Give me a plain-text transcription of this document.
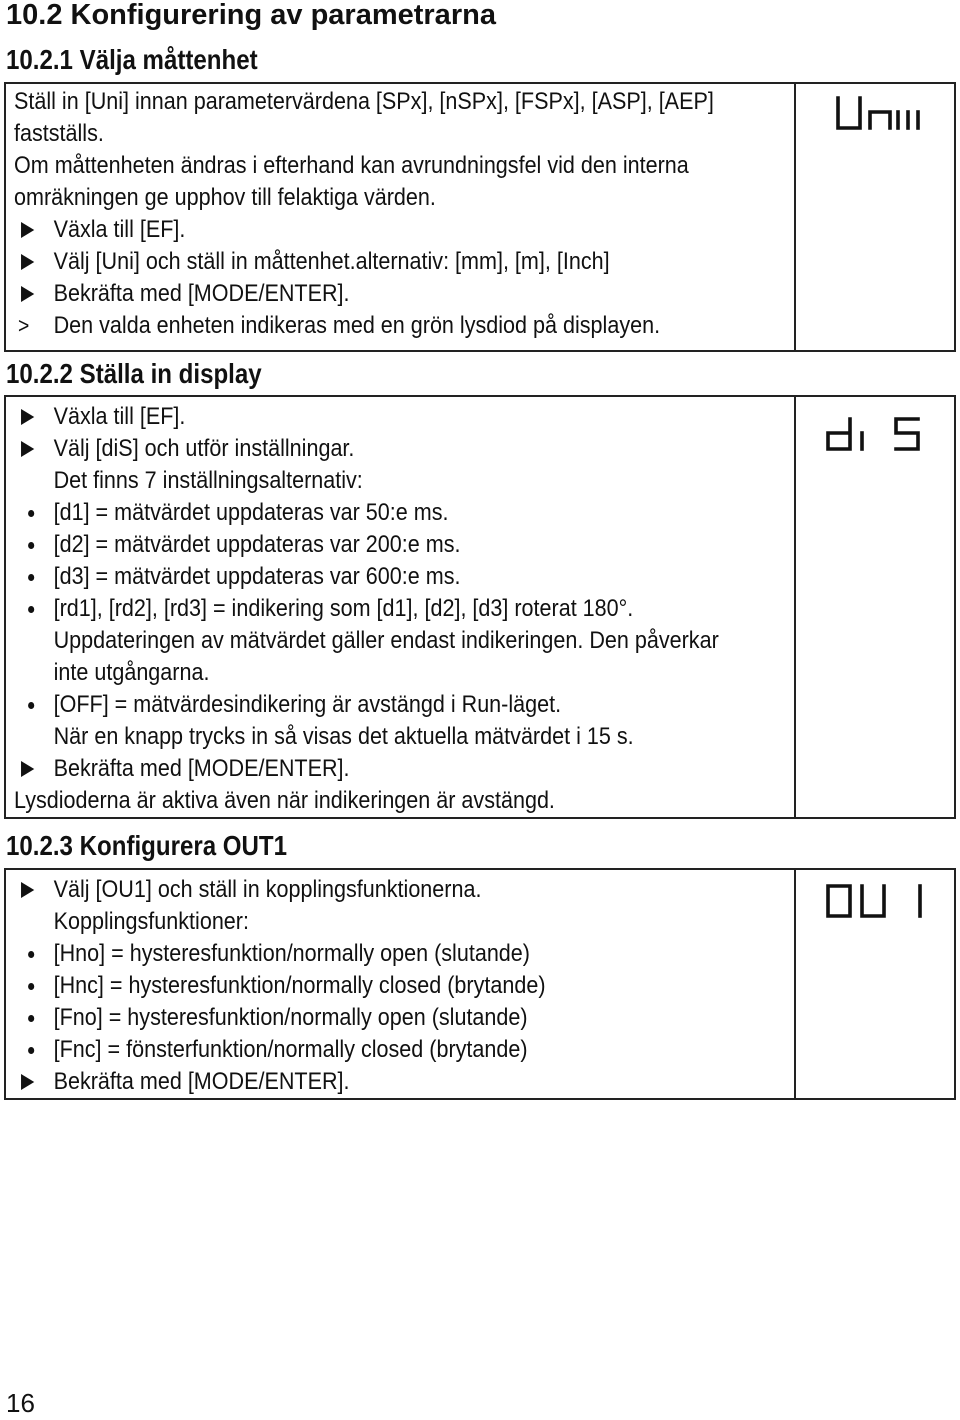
10.2 Konfigurering av parametrarna
10.2.1 Välja måttenhet
Ställ in [Uni] innan parametervärdena [SPx], [nSPx], [FSPx], [ASP], [AEP]
fastställs.
Om måttenheten ändras i efterhand kan avrundningsfel vid den interna
omräkningen ge upphov till felaktiga värden.
Växla till [EF].
Välj [Uni] och ställ in måttenhet.alternativ: [mm], [m], [Inch]
Bekräfta med [MODE/ENTER].
> Den valda enheten indikeras med en grön lysdiod på displayen.
10.2.2 Ställa in display
Växla till [EF].
Välj [diS] och utför inställningar.
Det finns 7 inställningsalternativ:
[d1] = mätvärdet uppdateras var 50:e ms.
[d2] = mätvärdet uppdateras var 200:e ms.
[d3] = mätvärdet uppdateras var 600:e ms.
[rd1], [rd2], [rd3] = indikering som [d1], [d2], [d3] roterat 180°.
Uppdateringen av mätvärdet gäller endast indikeringen. Den påverkar
inte utgångarna.
[OFF] = mätvärdesindikering är avstängd i Run-läget.
När en knapp trycks in så visas det aktuella mätvärdet i 15 s.
Bekräfta med [MODE/ENTER].
Lysdioderna är aktiva även när indikeringen är avstängd.
10.2.3 Konfigurera OUT1
Välj [OU1] och ställ in kopplingsfunktionerna.
Kopplingsfunktioner:
[Hno] = hysteresfunktion/normally open (slutande)
[Hnc] = hysteresfunktion/normally closed (brytande)
[Fno] = hysteresfunktion/normally open (slutande)
[Fnc] = fönsterfunktion/normally closed (brytande)
Bekräfta med [MODE/ENTER].
16
